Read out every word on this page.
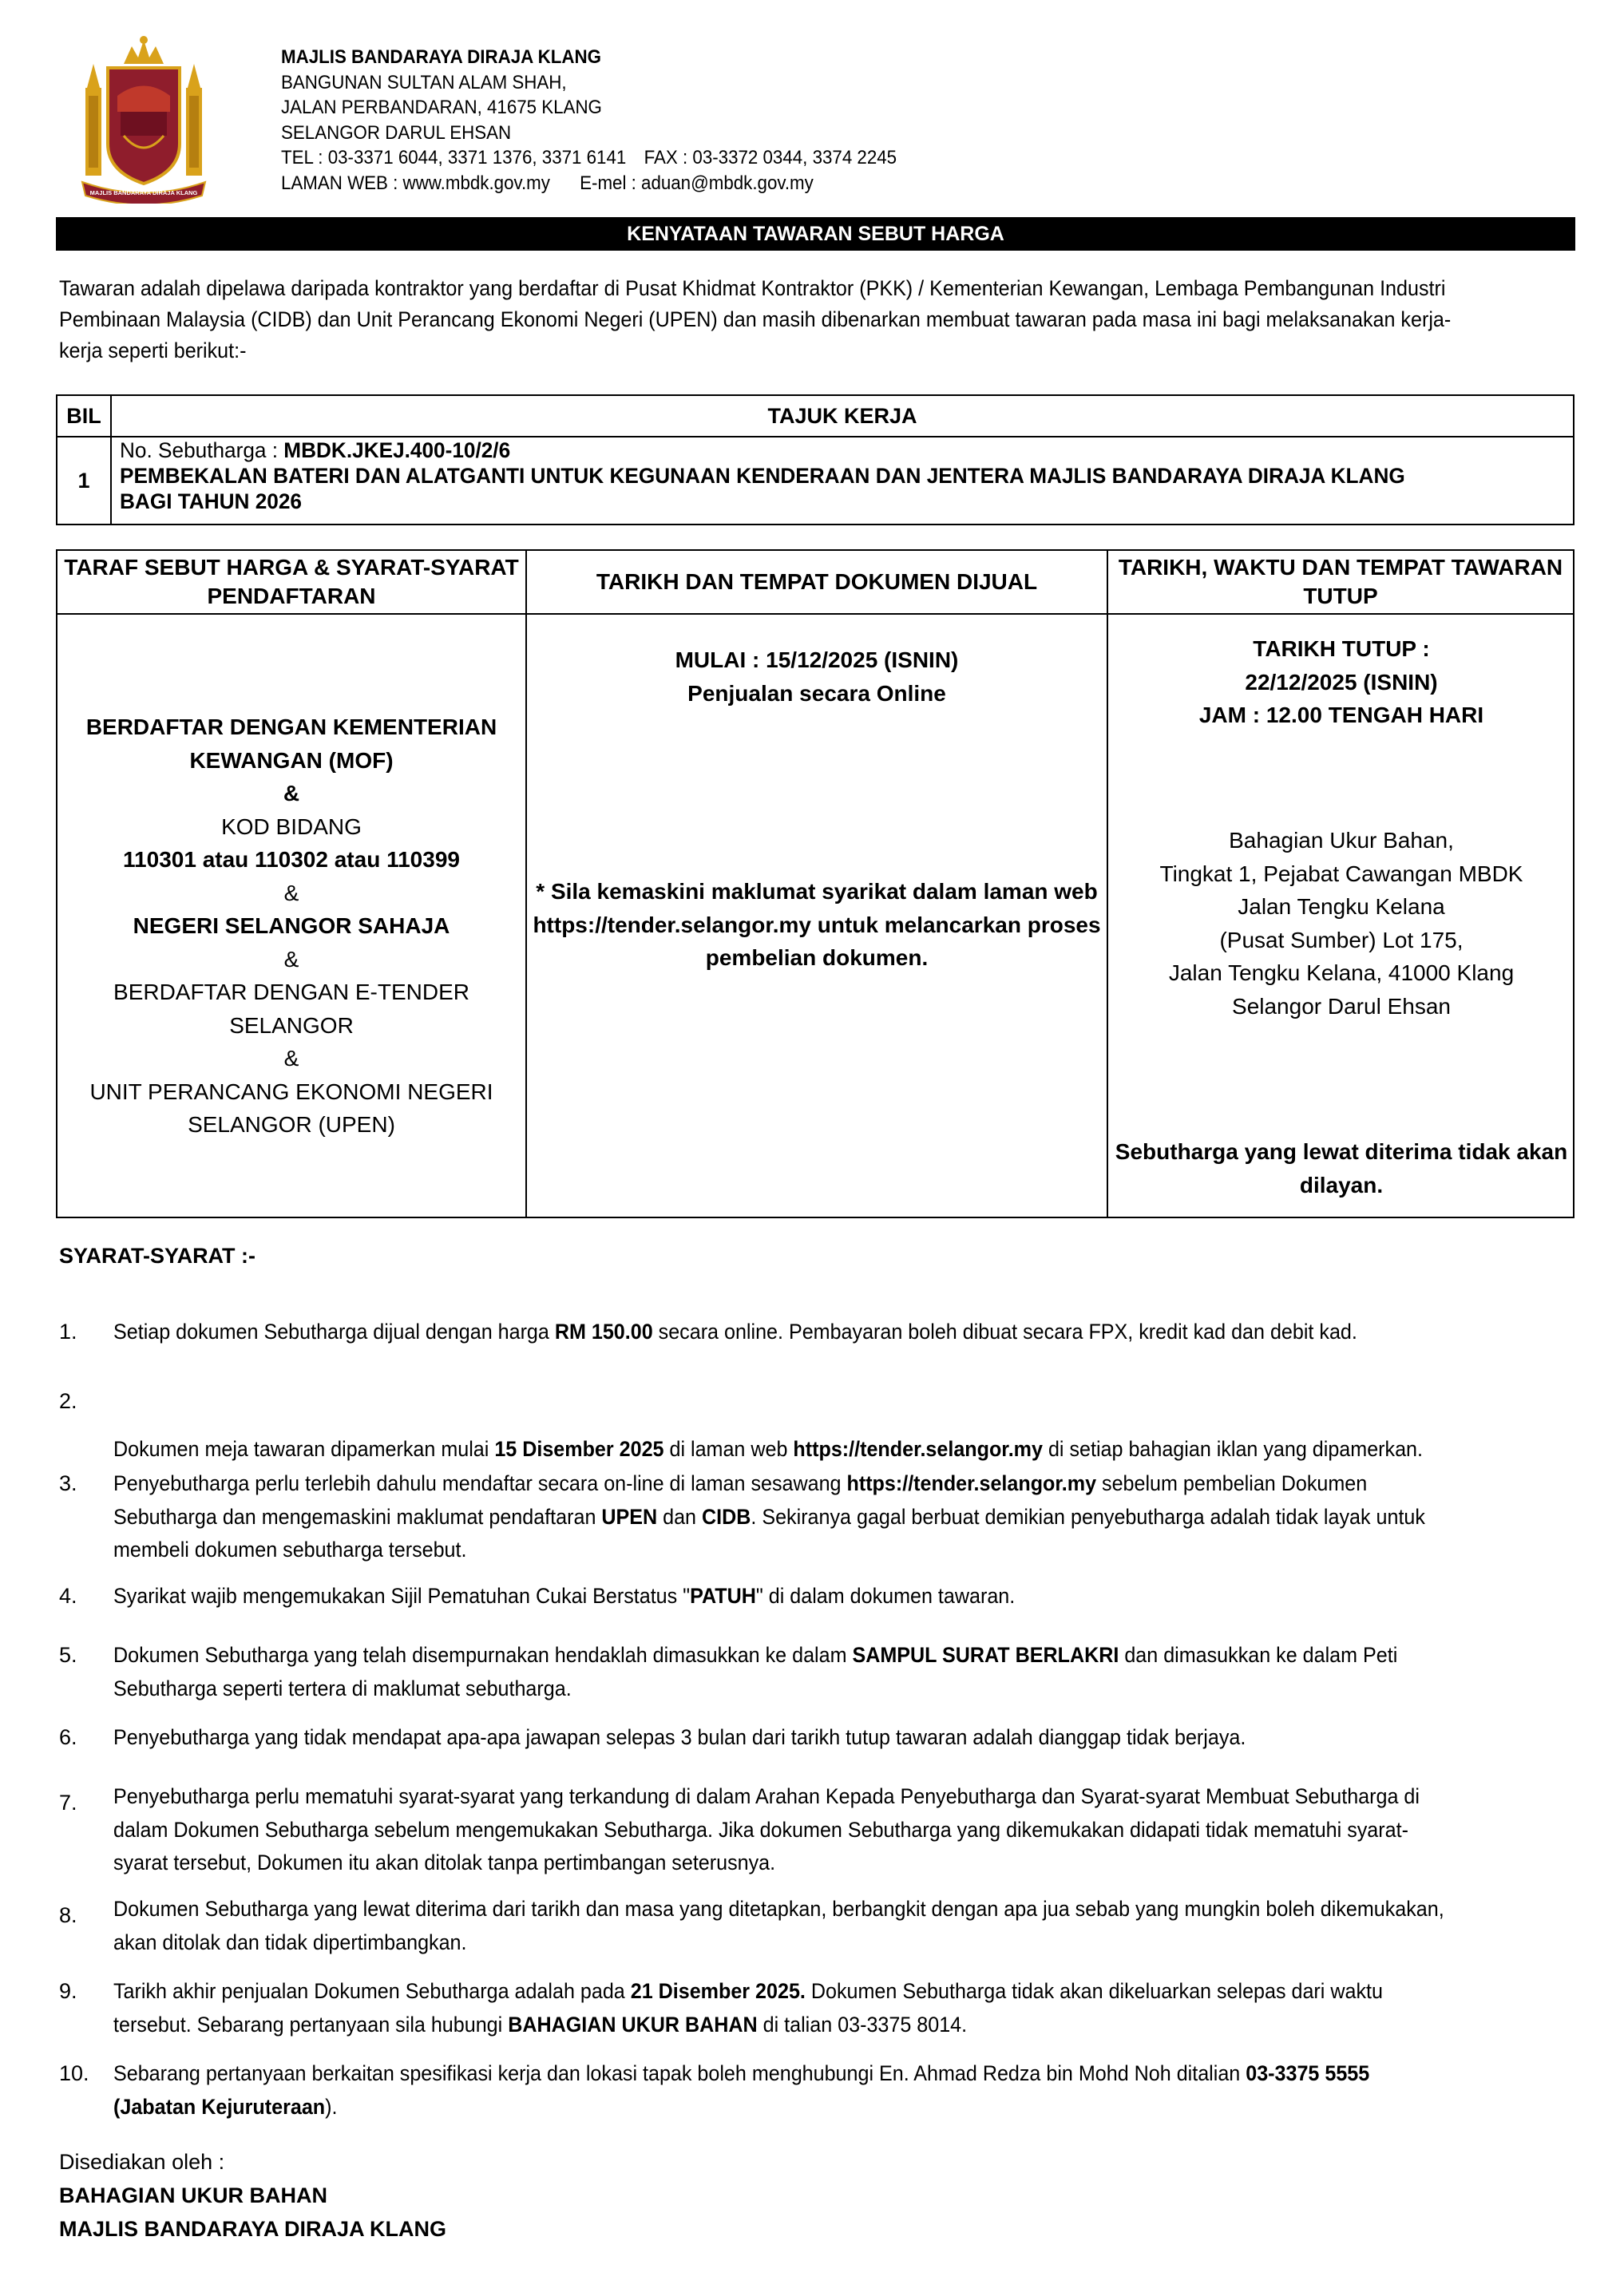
MAJLIS BANDARAYA DIRAJA KLANG
MAJLIS BANDARAYA DIRAJA KLANG
BANGUNAN SULTAN ALAM SHAH,
JALAN PERBANDARAN, 41675 KLANG
SELANGOR DARUL EHSAN
TEL : 03-3371 6044, 3371 1376, 3371 6141 FAX : 03-3372 0344, 3374 2245
LAMAN WEB : www.mbdk.gov.my E-mel : aduan@mbdk.gov.my
KENYATAAN TAWARAN SEBUT HARGA

Tawaran adalah dipelawa daripada kontraktor yang berdaftar di Pusat Khidmat Kontraktor (PKK) / Kementerian Kewangan, Lembaga Pembangunan Industri

Pembinaan Malaysia (CIDB) dan Unit Perancang Ekonomi Negeri (UPEN) dan masih dibenarkan membuat tawaran pada masa ini bagi melaksanakan kerja-

kerja seperti berikut:-

BIL	TAJUK KERJA
1
No. Sebutharga : MBDK.JKEJ.400-10/2/6
PEMBEKALAN BATERI DAN ALATGANTI UNTUK KEGUNAAN KENDERAAN DAN JENTERA MAJLIS BANDARAYA DIRAJA KLANG
BAGI TAHUN 2026
TARAF SEBUT HARGA & SYARAT-SYARAT
PENDAFTARAN
TARIKH DAN TEMPAT DOKUMEN DIJUAL
TARIKH, WAKTU DAN TEMPAT TAWARAN
TUTUP
BERDAFTAR DENGAN KEMENTERIAN
KEWANGAN (MOF)
&
KOD BIDANG
110301 atau 110302 atau 110399
&
NEGERI SELANGOR SAHAJA
&
BERDAFTAR DENGAN E-TENDER
SELANGOR
&
UNIT PERANCANG EKONOMI NEGERI
SELANGOR (UPEN)
MULAI : 15/12/2025 (ISNIN)
Penjualan secara Online
* Sila kemaskini maklumat syarikat dalam laman web
https://tender.selangor.my untuk melancarkan proses
pembelian dokumen.
TARIKH TUTUP :
22/12/2025 (ISNIN)
JAM : 12.00 TENGAH HARI
Bahagian Ukur Bahan,
Tingkat 1, Pejabat Cawangan MBDK
Jalan Tengku Kelana
(Pusat Sumber) Lot 175,
Jalan Tengku Kelana, 41000 Klang
Selangor Darul Ehsan
Sebutharga yang lewat diterima tidak akan
dilayan.
SYARAT-SYARAT :-
1. Setiap dokumen Sebutharga dijual dengan harga RM 150.00 secara online. Pembayaran boleh dibuat secara FPX, kredit kad dan debit kad.
2.
Dokumen meja tawaran dipamerkan mulai 15 Disember 2025 di laman web https://tender.selangor.my di setiap bahagian iklan yang dipamerkan.
3. Penyebutharga perlu terlebih dahulu mendaftar secara on-line di laman sesawang https://tender.selangor.my sebelum pembelian Dokumen
Sebutharga dan mengemaskini maklumat pendaftaran UPEN dan CIDB. Sekiranya gagal berbuat demikian penyebutharga adalah tidak layak untuk
membeli dokumen sebutharga tersebut.
4. Syarikat wajib mengemukakan Sijil Pematuhan Cukai Berstatus "PATUH" di dalam dokumen tawaran.
5. Dokumen Sebutharga yang telah disempurnakan hendaklah dimasukkan ke dalam SAMPUL SURAT BERLAKRI dan dimasukkan ke dalam Peti
Sebutharga seperti tertera di maklumat sebutharga.
6. Penyebutharga yang tidak mendapat apa-apa jawapan selepas 3 bulan dari tarikh tutup tawaran adalah dianggap tidak berjaya.
7. Penyebutharga perlu mematuhi syarat-syarat yang terkandung di dalam Arahan Kepada Penyebutharga dan Syarat-syarat Membuat Sebutharga di
dalam Dokumen Sebutharga sebelum mengemukakan Sebutharga. Jika dokumen Sebutharga yang dikemukakan didapati tidak mematuhi syarat-
syarat tersebut, Dokumen itu akan ditolak tanpa pertimbangan seterusnya.
8. Dokumen Sebutharga yang lewat diterima dari tarikh dan masa yang ditetapkan, berbangkit dengan apa jua sebab yang mungkin boleh dikemukakan,
akan ditolak dan tidak dipertimbangkan.
9. Tarikh akhir penjualan Dokumen Sebutharga adalah pada 21 Disember 2025. Dokumen Sebutharga tidak akan dikeluarkan selepas dari waktu
tersebut. Sebarang pertanyaan sila hubungi BAHAGIAN UKUR BAHAN di talian 03-3375 8014.
10. Sebarang pertanyaan berkaitan spesifikasi kerja dan lokasi tapak boleh menghubungi En. Ahmad Redza bin Mohd Noh ditalian 03-3375 5555
(Jabatan Kejuruteraan).
Disediakan oleh :
BAHAGIAN UKUR BAHAN
MAJLIS BANDARAYA DIRAJA KLANG
